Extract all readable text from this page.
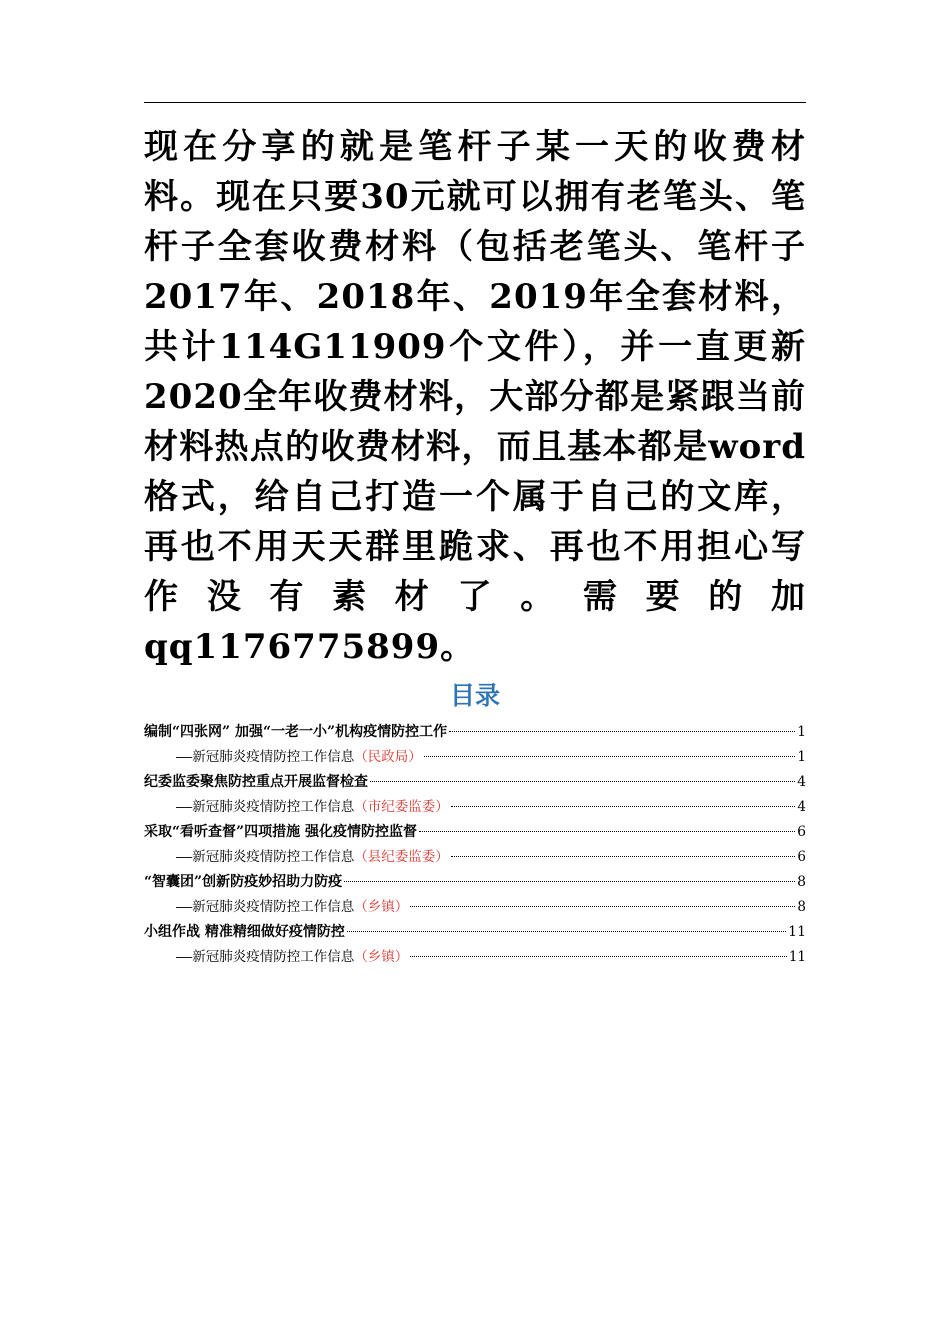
现在分享的就是笔杆子某一天的收费材料。现在只要30元就可以拥有老笔头、笔杆子全套收费材料（包括老笔头、笔杆子2017年、2018年、2019年全套材料，共计114G11909个文件），并一直更新2020全年收费材料，大部分都是紧跟当前材料热点的收费材料，而且基本都是word格式，给自己打造一个属于自己的文库，再也不用天天群里跪求、再也不用担心写作没有素材了。需要的加qq1176775899。
目录
编制“四张网” 加强“一老一小”机构疫情防控工作	1
——新冠肺炎疫情防控工作信息 （民政局）	1
纪委监委聚焦防控重点开展监督检查	4
——新冠肺炎疫情防控工作信息 （市纪委监委）	4
采取“看听查督”四项措施 强化疫情防控监督	6
——新冠肺炎疫情防控工作信息 （县纪委监委）	6
“智囊团”创新防疫妙招助力防疫	8
——新冠肺炎疫情防控工作信息 （乡镇）	8
小组作战 精准精细做好疫情防控	11
——新冠肺炎疫情防控工作信息 （乡镇）	11
